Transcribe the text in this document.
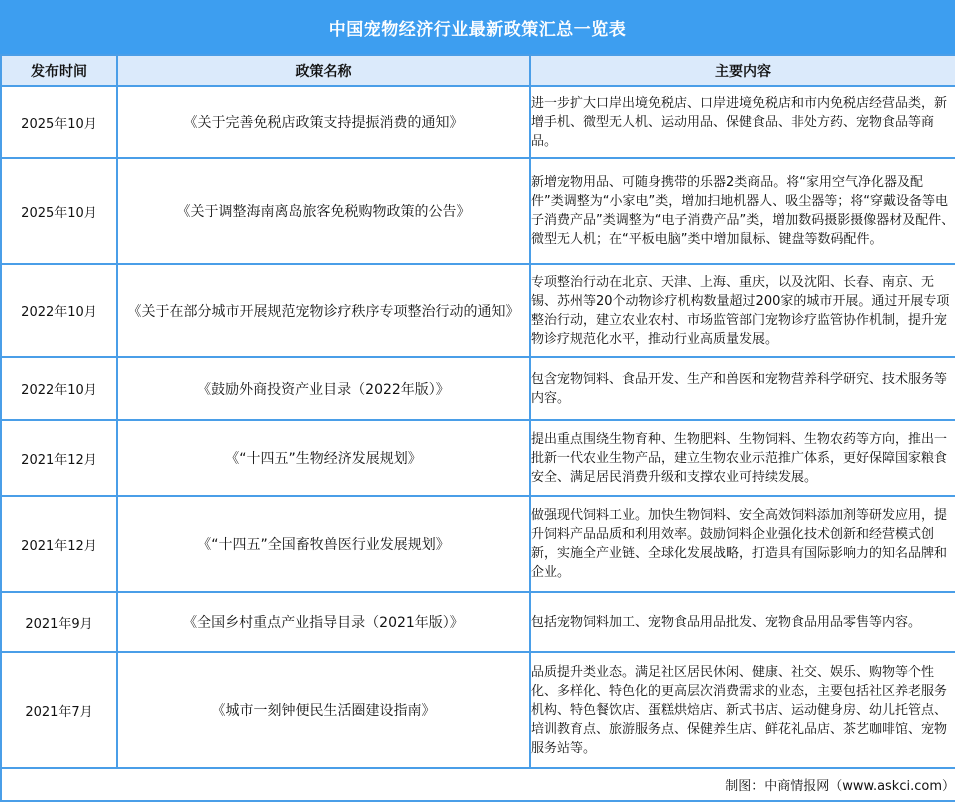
中国宠物经济行业最新政策汇总一览表
发布时间	政策名称	主要内容
2025年10月	《关于完善免税店政策支持提振消费的通知》	进一步扩大口岸出境免税店、口岸进境免税店和市内免税店经营品类，新增手机、微型无人机、运动用品、保健食品、非处方药、宠物食品等商品。
2025年10月	《关于调整海南离岛旅客免税购物政策的公告》	新增宠物用品、可随身携带的乐器2类商品。将“家用空气净化器及配件”类调整为“小家电”类，增加扫地机器人、吸尘器等；将“穿戴设备等电子消费产品”类调整为“电子消费产品”类，增加数码摄影摄像器材及配件、微型无人机；在“平板电脑”类中增加鼠标、键盘等数码配件。
2022年10月	《关于在部分城市开展规范宠物诊疗秩序专项整治行动的通知》	专项整治行动在北京、天津、上海、重庆，以及沈阳、长春、南京、无锡、苏州等20个动物诊疗机构数量超过200家的城市开展。通过开展专项整治行动，建立农业农村、市场监管部门宠物诊疗监管协作机制，提升宠物诊疗规范化水平，推动行业高质量发展。
2022年10月	《鼓励外商投资产业目录（2022年版）》	包含宠物饲料、食品开发、生产和兽医和宠物营养科学研究、技术服务等内容。
2021年12月	《“十四五”生物经济发展规划》	提出重点围绕生物育种、生物肥料、生物饲料、生物农药等方向，推出一批新一代农业生物产品，建立生物农业示范推广体系，更好保障国家粮食安全、满足居民消费升级和支撑农业可持续发展。
2021年12月	《“十四五”全国畜牧兽医行业发展规划》	做强现代饲料工业。加快生物饲料、安全高效饲料添加剂等研发应用，提升饲料产品品质和利用效率。鼓励饲料企业强化技术创新和经营模式创新，实施全产业链、全球化发展战略，打造具有国际影响力的知名品牌和企业。
2021年9月	《全国乡村重点产业指导目录（2021年版）》	包括宠物饲料加工、宠物食品用品批发、宠物食品用品零售等内容。
2021年7月	《城市一刻钟便民生活圈建设指南》	品质提升类业态。满足社区居民休闲、健康、社交、娱乐、购物等个性化、多样化、特色化的更高层次消费需求的业态，主要包括社区养老服务机构、特色餐饮店、蛋糕烘焙店、新式书店、运动健身房、幼儿托管点、培训教育点、旅游服务点、保健养生店、鲜花礼品店、茶艺咖啡馆、宠物服务站等。
制图：中商情报网（www.askci.com）		
